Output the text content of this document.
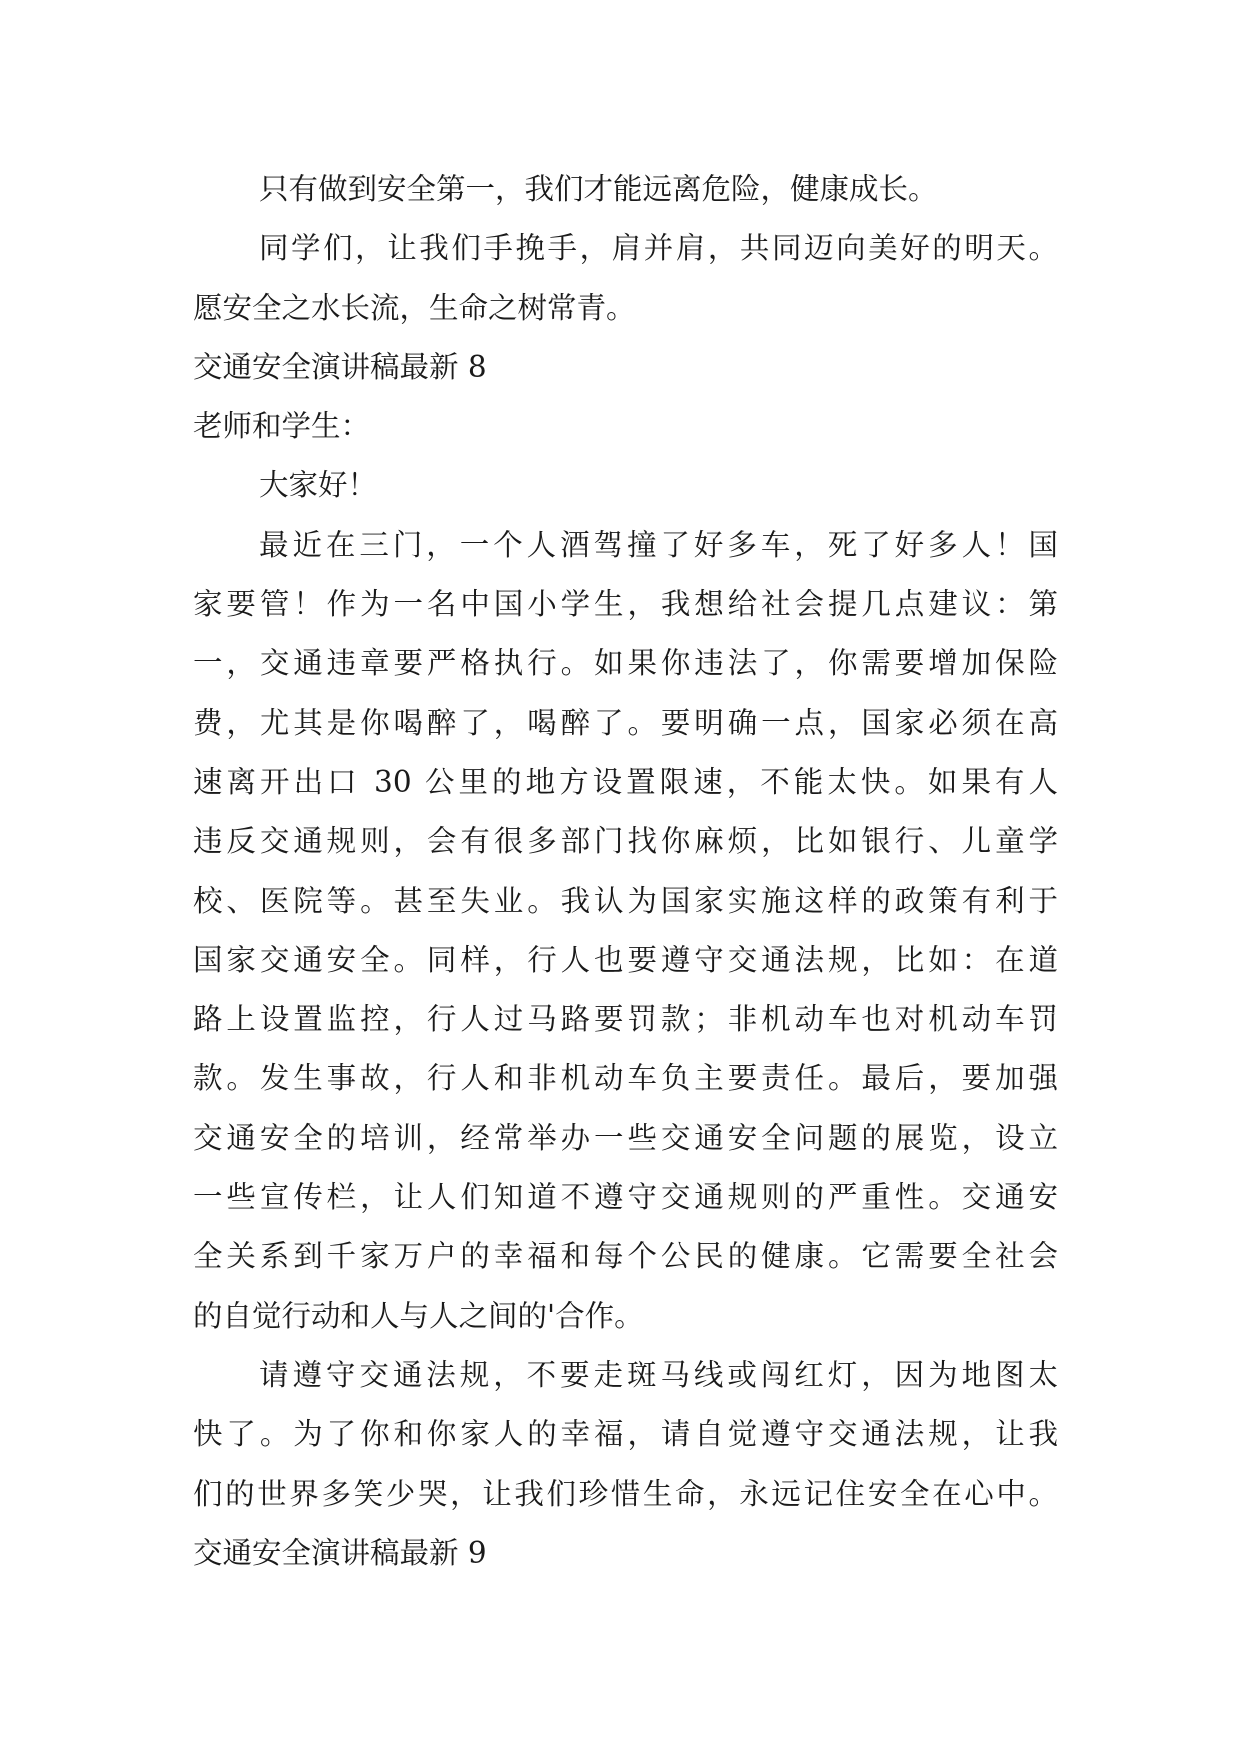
只有做到安全第一，我们才能远离危险，健康成长。
同学们，让我们手挽手，肩并肩，共同迈向美好的明天。
愿安全之水长流，生命之树常青。
交通安全演讲稿最新 8
老师和学生：
大家好！
最近在三门，一个人酒驾撞了好多车，死了好多人！国
家要管！作为一名中国小学生，我想给社会提几点建议：第
一，交通违章要严格执行。如果你违法了，你需要增加保险
费，尤其是你喝醉了，喝醉了。要明确一点，国家必须在高
速离开出口 30 公里的地方设置限速，不能太快。如果有人
违反交通规则，会有很多部门找你麻烦，比如银行、儿童学
校、医院等。甚至失业。我认为国家实施这样的政策有利于
国家交通安全。同样，行人也要遵守交通法规，比如：在道
路上设置监控，行人过马路要罚款；非机动车也对机动车罚
款。发生事故，行人和非机动车负主要责任。最后，要加强
交通安全的培训，经常举办一些交通安全问题的展览，设立
一些宣传栏，让人们知道不遵守交通规则的严重性。交通安
全关系到千家万户的幸福和每个公民的健康。它需要全社会
的自觉行动和人与人之间的'合作。
请遵守交通法规，不要走斑马线或闯红灯，因为地图太
快了。为了你和你家人的幸福，请自觉遵守交通法规，让我
们的世界多笑少哭，让我们珍惜生命，永远记住安全在心中。
交通安全演讲稿最新 9
